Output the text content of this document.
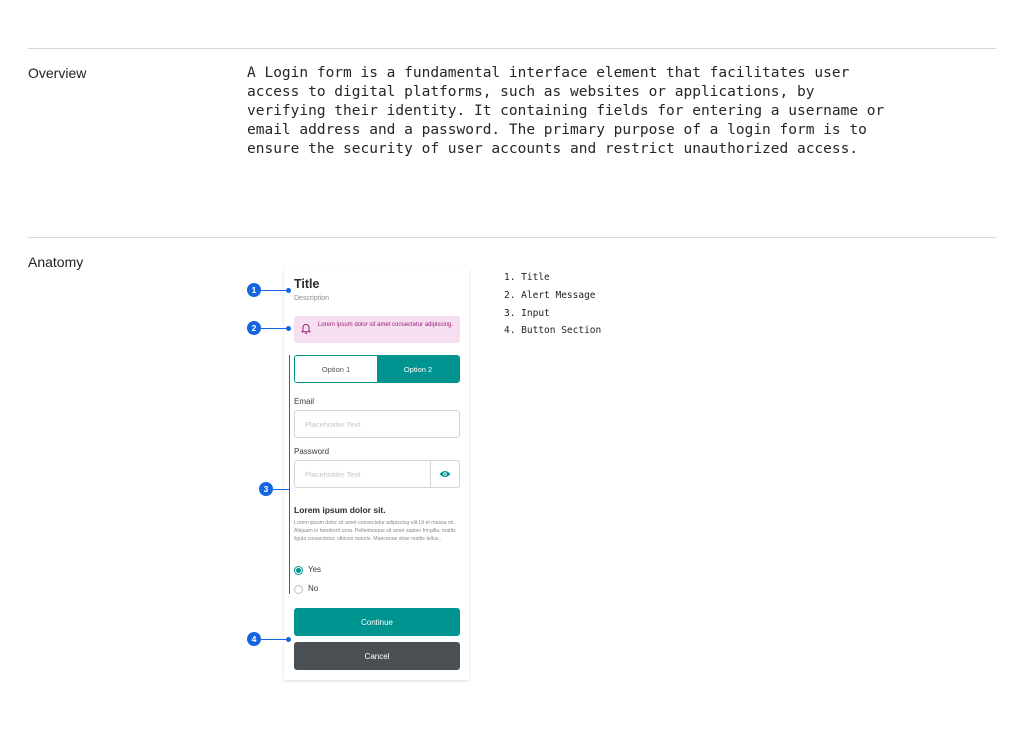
Overview	A Login form is a fundamental interface element that facilitates user
access to digital platforms, such as websites or applications, by
verifying their identity. It containing fields for entering a username or
email address and a password. The primary purpose of a login form is to
ensure the security of user accounts and restrict unauthorized access.
Anatomy
Title
Description
Lorem ipsum dolor sit amet consectetur adipiscing.
Option 1	Option 2
Email
Placeholder Text
Password
Placeholder Text
Lorem ipsum dolor sit.
Lorem ipsum dolor sit amet consectetur adipiscing elit Ut et massa mi. Aliquam in hendrerit urna. Pellentesque sit amet sapien fringilla, mattis ligula consectetur, ultrices mauris. Maecenas vitae mattis tellus..
Yes
No
Continue
Cancel
1
2
3
4
1. Title
2. Alert Message
3. Input
4. Button Section
